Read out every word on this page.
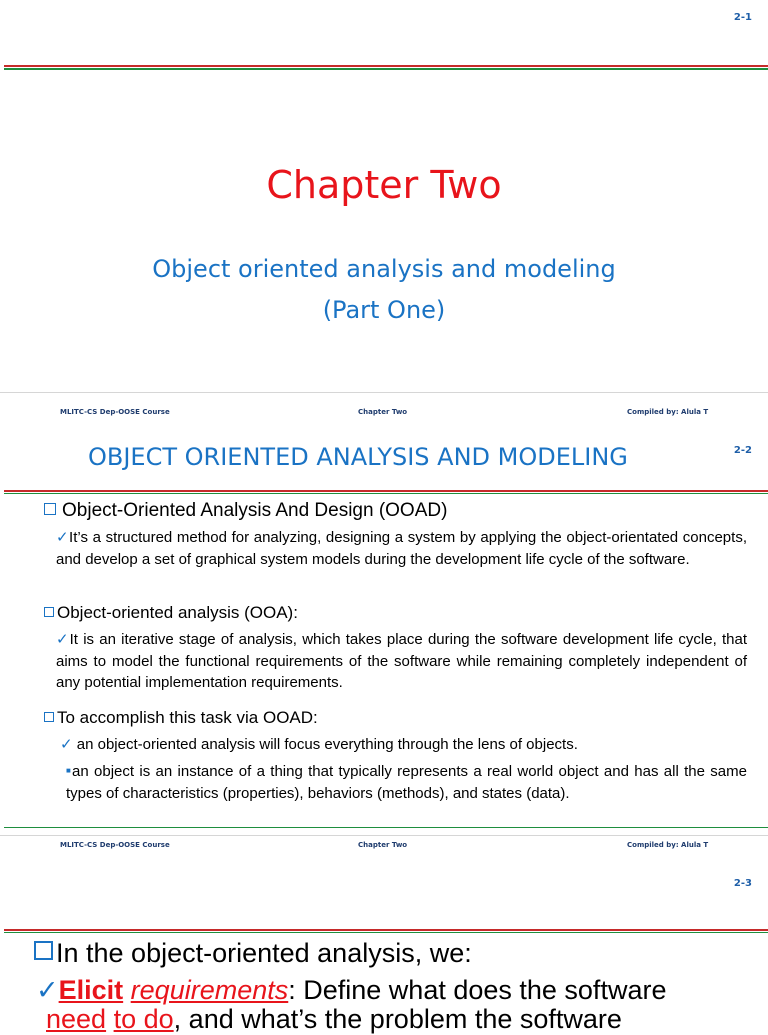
2-1
Chapter Two
Object oriented analysis and modeling
(Part One)
MLITC-CS Dep-OOSE Course	Chapter Two	Compiled by: Alula T
OBJECT ORIENTED ANALYSIS AND MODELING	2-2
Object-Oriented Analysis And Design (OOAD)
✓It’s a structured method for analyzing, designing a system by applying the object-orientated concepts, and develop a set of graphical system models during the development life cycle of the software.
Object-oriented analysis (OOA):
✓It is an iterative stage of analysis, which takes place during the software development life cycle, that aims to model the functional requirements of the software while remaining completely independent of any potential implementation requirements.
To accomplish this task via OOAD:
✓ an object-oriented analysis will focus everything through the lens of objects.
■an object is an instance of a thing that typically represents a real world object and has all the same types of characteristics (properties), behaviors (methods), and states (data).
MLITC-CS Dep-OOSE Course	Chapter Two	Compiled by: Alula T
2-3
In the object-oriented analysis, we:
✓Elicit requirements: Define what does the software
need to do, and what’s the problem the software
